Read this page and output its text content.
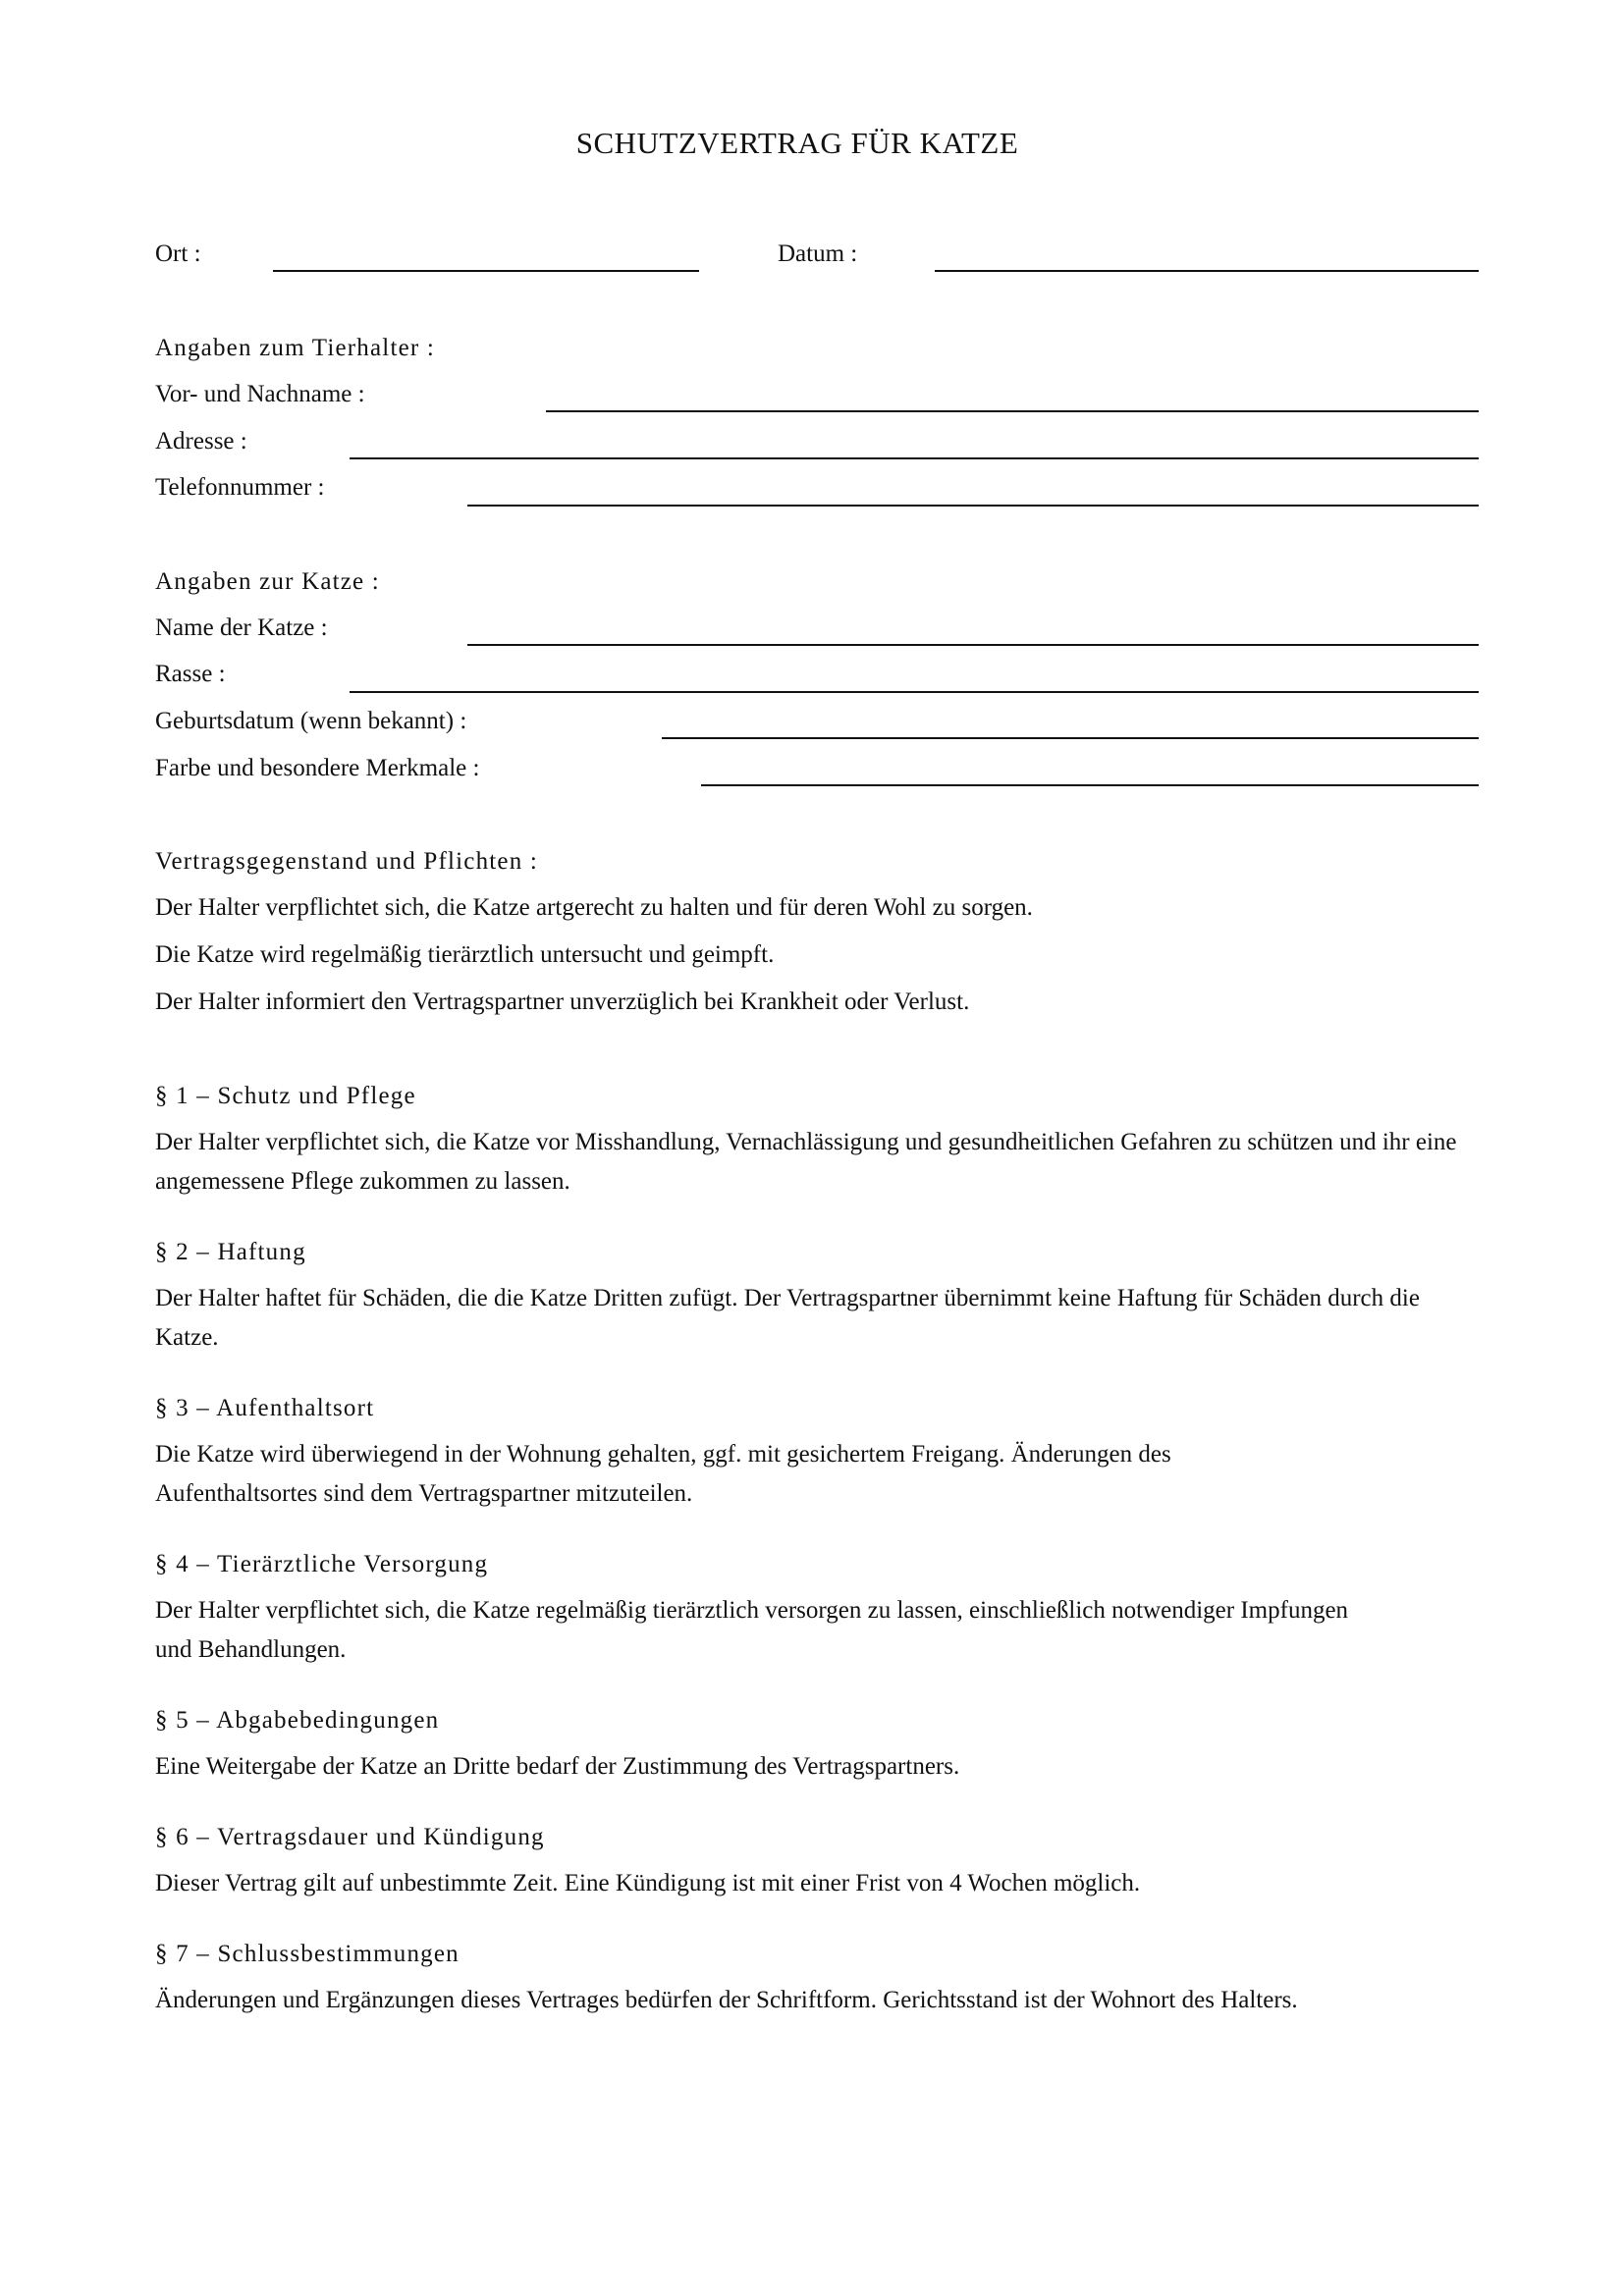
SCHUTZVERTRAG FÜR KATZE
Ort :	Datum :
Angaben zum Tierhalter :
Vor- und Nachname :
Adresse :
Telefonnummer :
Angaben zur Katze :
Name der Katze :
Rasse :
Geburtsdatum (wenn bekannt) :
Farbe und besondere Merkmale :
Vertragsgegenstand und Pflichten :
Der Halter verpflichtet sich, die Katze artgerecht zu halten und für deren Wohl zu sorgen.
Die Katze wird regelmäßig tierärztlich untersucht und geimpft.
Der Halter informiert den Vertragspartner unverzüglich bei Krankheit oder Verlust.
§ 1 – Schutz und Pflege
Der Halter verpflichtet sich, die Katze vor Misshandlung, Vernachlässigung und gesundheitlichen Gefahren zu schützen und ihr eine angemessene Pflege zukommen zu lassen.
§ 2 – Haftung
Der Halter haftet für Schäden, die die Katze Dritten zufügt. Der Vertragspartner übernimmt keine Haftung für Schäden durch die Katze.
§ 3 – Aufenthaltsort
Die Katze wird überwiegend in der Wohnung gehalten, ggf. mit gesichertem Freigang. Änderungen des Aufenthaltsortes sind dem Vertragspartner mitzuteilen.
§ 4 – Tierärztliche Versorgung
Der Halter verpflichtet sich, die Katze regelmäßig tierärztlich versorgen zu lassen, einschließlich notwendiger Impfungen und Behandlungen.
§ 5 – Abgabebedingungen
Eine Weitergabe der Katze an Dritte bedarf der Zustimmung des Vertragspartners.
§ 6 – Vertragsdauer und Kündigung
Dieser Vertrag gilt auf unbestimmte Zeit. Eine Kündigung ist mit einer Frist von 4 Wochen möglich.
§ 7 – Schlussbestimmungen
Änderungen und Ergänzungen dieses Vertrages bedürfen der Schriftform. Gerichtsstand ist der Wohnort des Halters.
